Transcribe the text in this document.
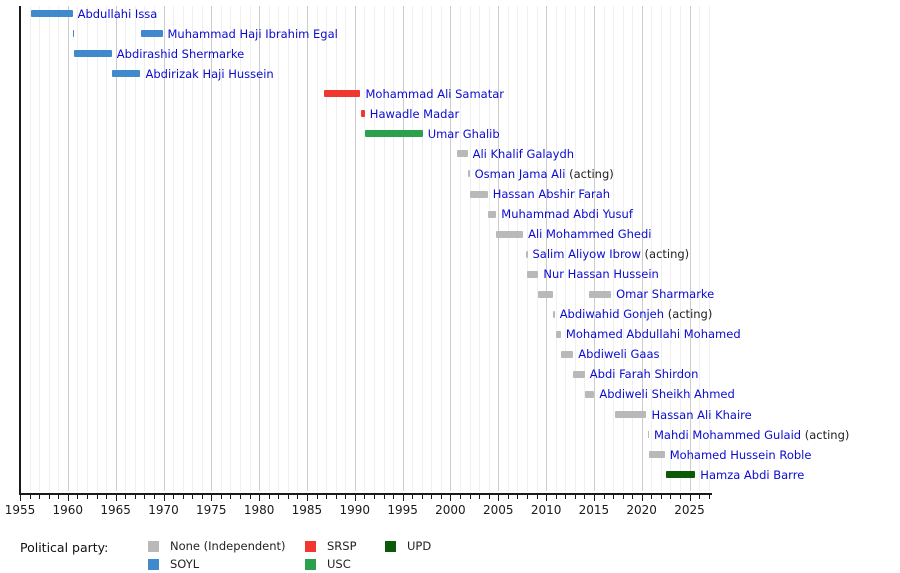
Abdullahi Issa
Muhammad Haji Ibrahim Egal
Abdirashid Shermarke
Abdirizak Haji Hussein
Mohammad Ali Samatar
Hawadle Madar
Umar Ghalib
Ali Khalif Galaydh
Osman Jama Ali (acting)
Hassan Abshir Farah
Muhammad Abdi Yusuf
Ali Mohammed Ghedi
Salim Aliyow Ibrow (acting)
Nur Hassan Hussein
Omar Sharmarke
Abdiwahid Gonjeh (acting)
Mohamed Abdullahi Mohamed
Abdiweli Gaas
Abdi Farah Shirdon
Abdiweli Sheikh Ahmed
Hassan Ali Khaire
Mahdi Mohammed Gulaid (acting)
Mohamed Hussein Roble
Hamza Abdi Barre
1955	1960	1965	1970	1975	1980	1985	1990	1995	2000	2005	2010	2015	2020	2025
Political party:	None (Independent)
SOYL
SRSP
USC
UPD
